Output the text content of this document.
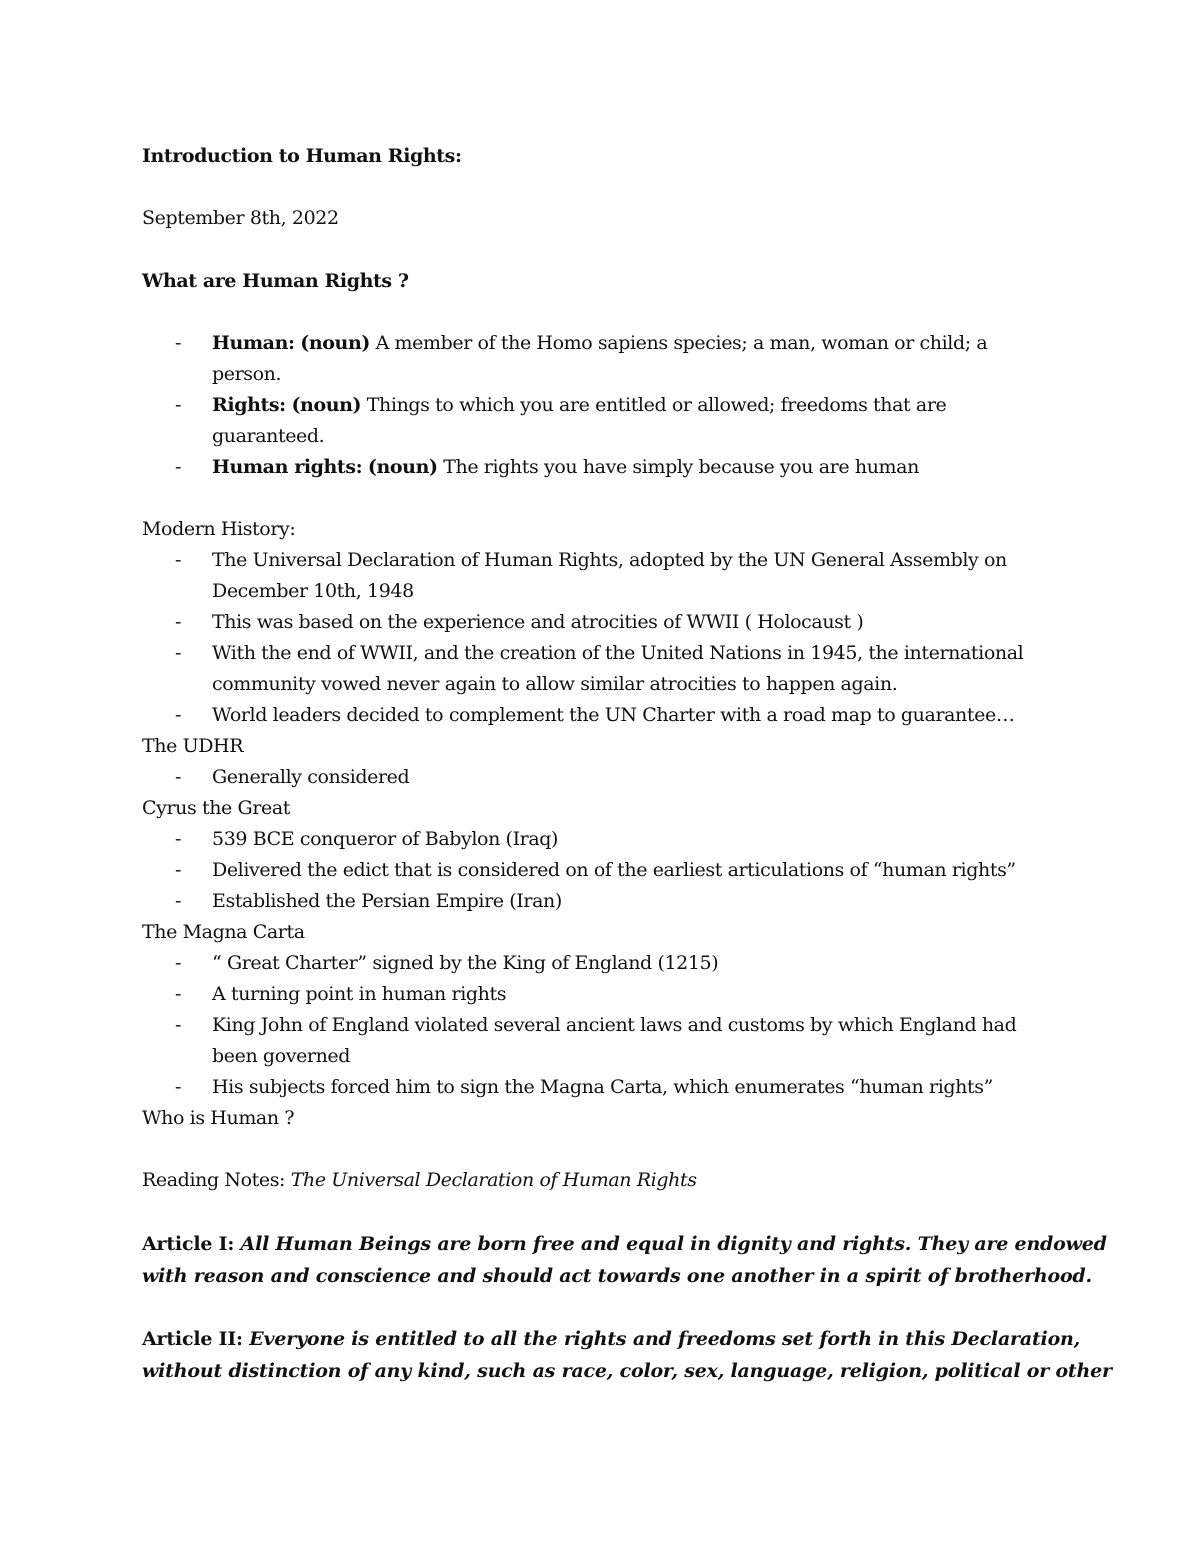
Introduction to Human Rights:
September 8th, 2022
What are Human Rights ?
- Human: (noun) A member of the Homo sapiens species; a man, woman or child; a
person.
- Rights: (noun) Things to which you are entitled or allowed; freedoms that are
guaranteed.
- Human rights: (noun) The rights you have simply because you are human
Modern History:
- The Universal Declaration of Human Rights, adopted by the UN General Assembly on
December 10th, 1948
- This was based on the experience and atrocities of WWII ( Holocaust )
- With the end of WWII, and the creation of the United Nations in 1945, the international
community vowed never again to allow similar atrocities to happen again.
- World leaders decided to complement the UN Charter with a road map to guarantee…
The UDHR
- Generally considered
Cyrus the Great
- 539 BCE conqueror of Babylon (Iraq)
- Delivered the edict that is considered on of the earliest articulations of “human rights”
- Established the Persian Empire (Iran)
The Magna Carta
- “ Great Charter” signed by the King of England (1215)
- A turning point in human rights
- King John of England violated several ancient laws and customs by which England had
been governed
- His subjects forced him to sign the Magna Carta, which enumerates “human rights”
Who is Human ?
Reading Notes: The Universal Declaration of Human Rights
Article I: All Human Beings are born free and equal in dignity and rights. They are endowed
with reason and conscience and should act towards one another in a spirit of brotherhood.
Article II: Everyone is entitled to all the rights and freedoms set forth in this Declaration,
without distinction of any kind, such as race, color, sex, language, religion, political or other
